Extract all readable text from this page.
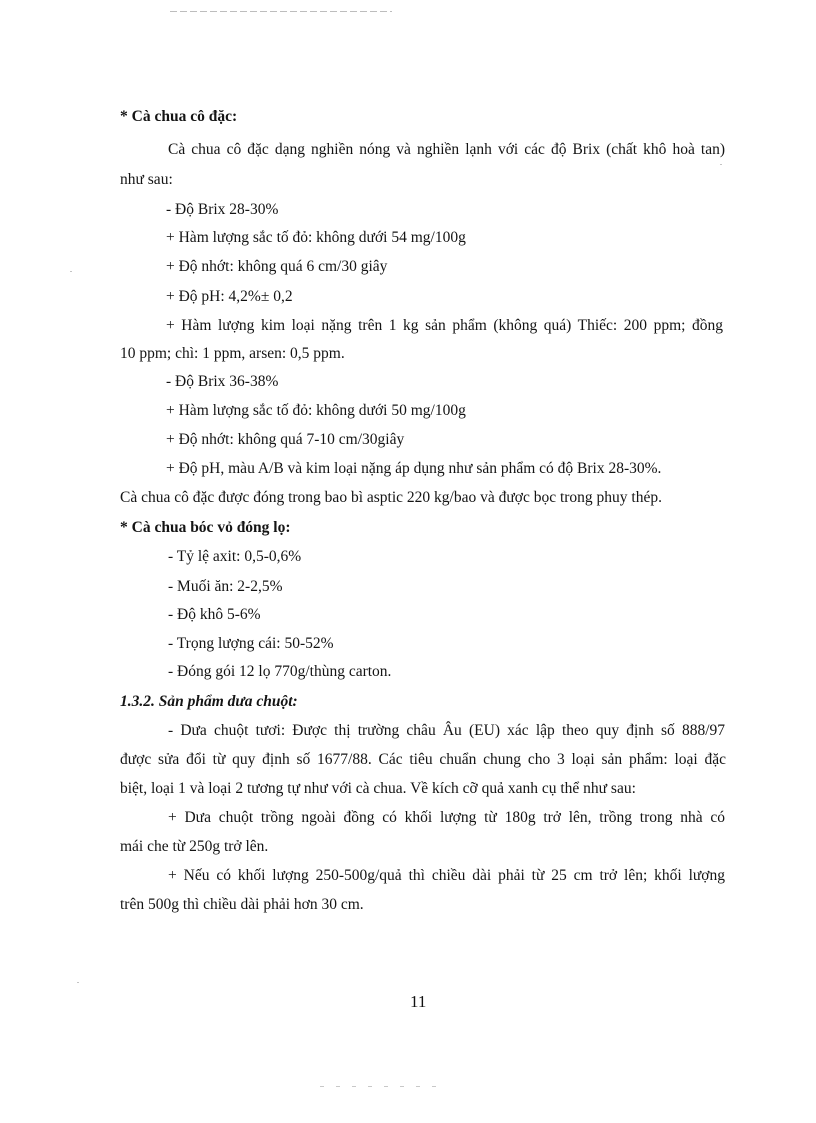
* Cà chua cô đặc:
Cà chua cô đặc dạng nghiền nóng và nghiền lạnh với các độ Brix (chất khô hoà tan)
như sau:
- Độ Brix 28-30%
+ Hàm lượng sắc tố đỏ: không dưới 54 mg/100g
+ Độ nhớt: không quá 6 cm/30 giây
+ Độ pH: 4,2%± 0,2
+ Hàm lượng kim loại nặng trên 1 kg sản phẩm (không quá) Thiếc: 200 ppm; đồng
10 ppm; chì: 1 ppm, arsen: 0,5 ppm.
- Độ Brix 36-38%
+ Hàm lượng sắc tố đỏ: không dưới 50 mg/100g
+ Độ nhớt: không quá 7-10 cm/30giây
+ Độ pH, màu A/B và kim loại nặng áp dụng như sản phẩm có độ Brix 28-30%.
Cà chua cô đặc được đóng trong bao bì asptic 220 kg/bao và được bọc trong phuy thép.
* Cà chua bóc vỏ đóng lọ:
- Tỷ lệ axit: 0,5-0,6%
- Muối ăn: 2-2,5%
- Độ khô 5-6%
- Trọng lượng cái: 50-52%
- Đóng gói 12 lọ 770g/thùng carton.
1.3.2. Sản phẩm dưa chuột:
- Dưa chuột tươi: Được thị trường châu Âu (EU) xác lập theo quy định số 888/97
được sửa đổi từ quy định số 1677/88. Các tiêu chuẩn chung cho 3 loại sản phẩm: loại đặc
biệt, loại 1 và loại 2 tương tự như với cà chua. Về kích cỡ quả xanh cụ thể như sau:
+ Dưa chuột trồng ngoài đồng có khối lượng từ 180g trở lên, trồng trong nhà có
mái che từ 250g trở lên.
+ Nếu có khối lượng 250-500g/quả thì chiều dài phải từ 25 cm trở lên; khối lượng
trên 500g thì chiều dài phải hơn 30 cm.
11
